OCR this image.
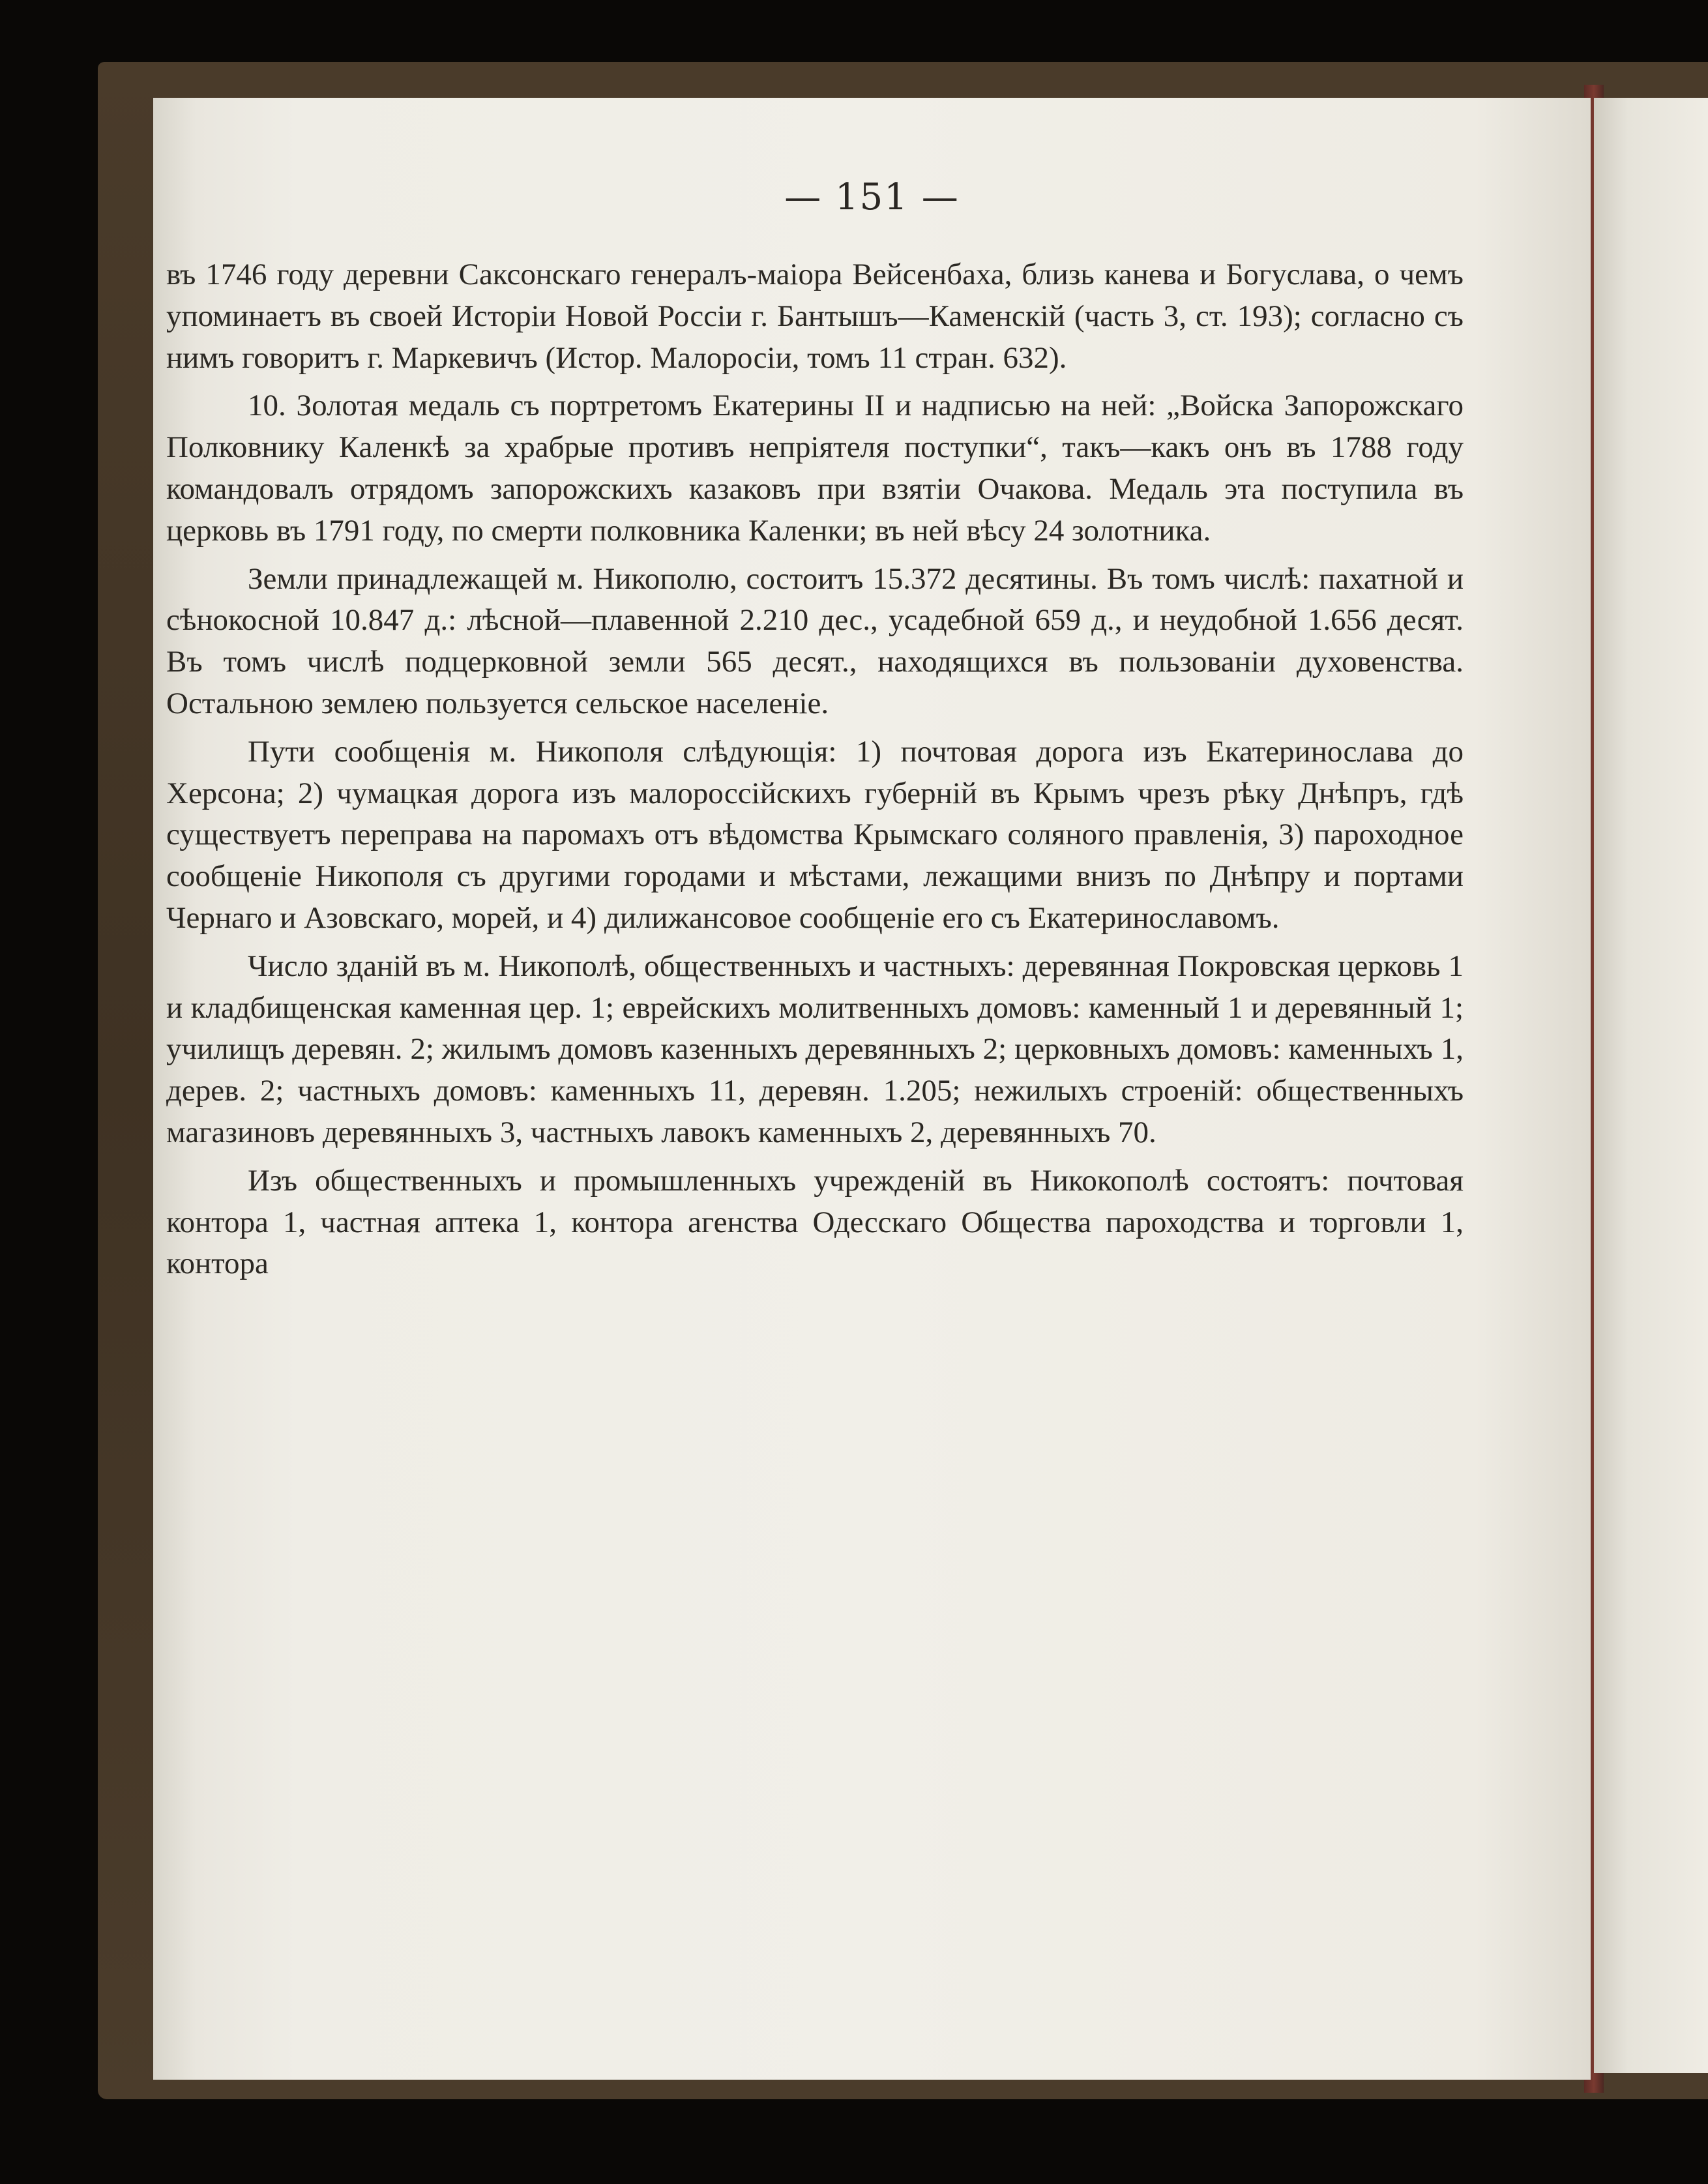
— 151 —

въ 1746 году деревни Саксонскаго генералъ-маіора Вейсенбаха, близь канева и Богуслава, о чемъ упоминаетъ въ своей Исторіи Новой Россіи г. Бантышъ—Каменскій (часть 3, ст. 193); согласно съ нимъ говоритъ г. Маркевичъ (Истор. Малоросіи, томъ 11 стран. 632).

10. Золотая медаль съ портретомъ Екатерины II и надписью на ней: „Войска Запорожскаго Полковнику Каленкѣ за храбрые противъ непріятеля поступки“, такъ—какъ онъ въ 1788 году командовалъ отрядомъ запорожскихъ казаковъ при взятіи Очакова. Медаль эта поступила въ церковь въ 1791 году, по смерти полковника Каленки; въ ней вѣсу 24 золотника.

Земли принадлежащей м. Никополю, состоитъ 15.372 десятины. Въ томъ числѣ: пахатной и сѣнокосной 10.847 д.: лѣсной—плавенной 2.210 дес., усадебной 659 д., и неудобной 1.656 десят. Въ томъ числѣ подцерковной земли 565 десят., находящихся въ пользованіи духовенства. Остальною землею пользуется сельское населеніе.

Пути сообщенія м. Никополя слѣдующія: 1) почтовая дорога изъ Екатеринослава до Херсона; 2) чумацкая дорога изъ малороссійскихъ губерній въ Крымъ чрезъ рѣку Днѣпръ, гдѣ существуетъ переправа на паромахъ отъ вѣдомства Крымскаго соляного правленія, 3) пароходное сообщеніе Никополя съ другими городами и мѣстами, лежащими внизъ по Днѣпру и портами Чернаго и Азовскаго, морей, и 4) дилижансовое сообщеніе его съ Екатеринославомъ.

Число зданій въ м. Никополѣ, общественныхъ и частныхъ: деревянная Покровская церковь 1 и кладбищенская каменная цер. 1; еврейскихъ молитвенныхъ домовъ: каменный 1 и деревянный 1; училищъ деревян. 2; жилымъ домовъ казенныхъ деревянныхъ 2; церковныхъ домовъ: каменныхъ 1, дерев. 2; частныхъ домовъ: каменныхъ 11, деревян. 1.205; нежилыхъ строеній: общественныхъ магазиновъ деревянныхъ 3, частныхъ лавокъ каменныхъ 2, деревянныхъ 70.

Изъ общественныхъ и промышленныхъ учрежденій въ Никокополѣ состоятъ: почтовая контора 1, частная аптека 1, контора агенства Одесскаго Общества пароходства и торговли 1, контора
